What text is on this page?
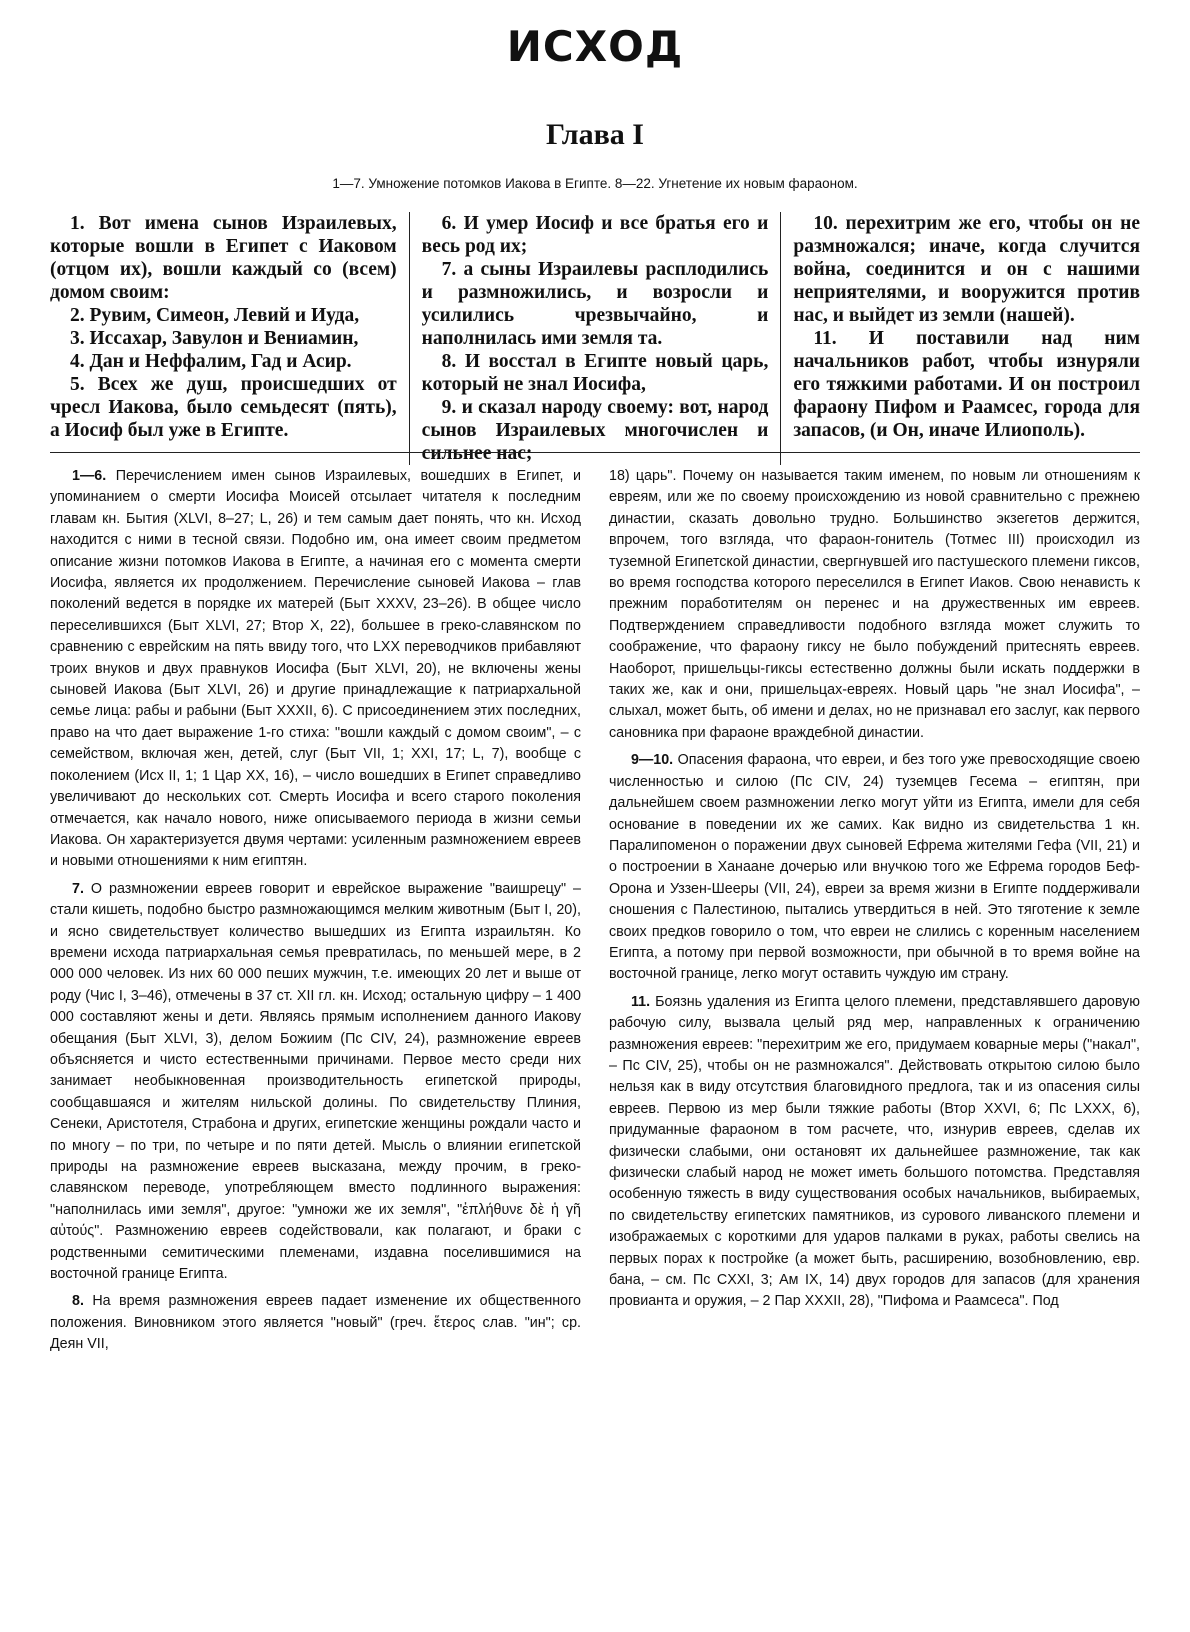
ИСХОД
Глава I

1—7. Умножение потомков Иакова в Египте. 8—22. Угнетение их новым фараоном.

1. Вот имена сынов Израилевых, которые вошли в Египет с Иаковом (отцом их), вошли каждый со (всем) домом своим:

2. Рувим, Симеон, Левий и Иуда,

3. Иссахар, Завулон и Вениамин,

4. Дан и Неффалим, Гад и Асир.

5. Всех же душ, происшедших от чресл Иакова, было семьдесят (пять), а Иосиф был уже в Египте.

6. И умер Иосиф и все братья его и весь род их;

7. а сыны Израилевы расплодились и размножились, и возросли и усилились чрезвычайно, и наполнилась ими земля та.

8. И восстал в Египте новый царь, который не знал Иосифа,

9. и сказал народу своему: вот, народ сынов Израилевых многочислен и сильнее нас;

10. перехитрим же его, чтобы он не размножался; иначе, когда случится война, соединится и он с нашими неприятелями, и вооружится против нас, и выйдет из земли (нашей).

11. И поставили над ним начальников работ, чтобы изнуряли его тяжкими работами. И он построил фараону Пифом и Раамсес, города для запасов, (и Он, иначе Илиополь).

1—6. Перечислением имен сынов Израилевых, вошедших в Египет, и упоминанием о смерти Иосифа Моисей отсылает читателя к последним главам кн. Бытия (XLVI, 8–27; L, 26) и тем самым дает понять, что кн. Исход находится с ними в тесной связи. Подобно им, она имеет своим предметом описание жизни потомков Иакова в Египте, а начиная его с момента смерти Иосифа, является их продолжением. Перечисление сыновей Иакова – глав поколений ведется в порядке их матерей (Быт XXXV, 23–26). В общее число переселившихся (Быт XLVI, 27; Втор X, 22), большее в греко-славянском по сравнению с еврейским на пять ввиду того, что LXX переводчиков прибавляют троих внуков и двух правнуков Иосифа (Быт XLVI, 20), не включены жены сыновей Иакова (Быт XLVI, 26) и другие принадлежащие к патриархальной семье лица: рабы и рабыни (Быт XXXII, 6). С присоединением этих последних, право на что дает выражение 1-го стиха: "вошли каждый с домом своим", – с семейством, включая жен, детей, слуг (Быт VII, 1; XXI, 17; L, 7), вообще с поколением (Исх II, 1; 1 Цар XX, 16), – число вошедших в Египет справедливо увеличивают до нескольких сот. Смерть Иосифа и всего старого поколения отмечается, как начало нового, ниже описываемого периода в жизни семьи Иакова. Он характеризуется двумя чертами: усиленным размножением евреев и новыми отношениями к ним египтян.

7. О размножении евреев говорит и еврейское выражение "ваишрецу" – стали кишеть, подобно быстро размножающимся мелким животным (Быт I, 20), и ясно свидетельствует количество вышедших из Египта израильтян. Ко времени исхода патриархальная семья превратилась, по меньшей мере, в 2 000 000 человек. Из них 60 000 пеших мужчин, т.е. имеющих 20 лет и выше от роду (Чис I, 3–46), отмечены в 37 ст. XII гл. кн. Исход; остальную цифру – 1 400 000 составляют жены и дети. Являясь прямым исполнением данного Иакову обещания (Быт XLVI, 3), делом Божиим (Пс CIV, 24), размножение евреев объясняется и чисто естественными причинами. Первое место среди них занимает необыкновенная производительность египетской природы, сообщавшаяся и жителям нильской долины. По свидетельству Плиния, Сенеки, Аристотеля, Страбона и других, египетские женщины рождали часто и по многу – по три, по четыре и по пяти детей. Мысль о влиянии египетской природы на размножение евреев высказана, между прочим, в греко-славянском переводе, употребляющем вместо подлинного выражения: "наполнилась ими земля", другое: "умножи же их земля", "ἐπλήθυνε δὲ ἡ γῆ αὐτούς". Размножению евреев содействовали, как полагают, и браки с родственными семитическими племенами, издавна поселившимися на восточной границе Египта.

8. На время размножения евреев падает изменение их общественного положения. Виновником этого является "новый" (греч. ἕτερος слав. "ин"; ср. Деян VII,

18) царь". Почему он называется таким именем, по новым ли отношениям к евреям, или же по своему происхождению из новой сравнительно с прежнею династии, сказать довольно трудно. Большинство экзегетов держится, впрочем, того взгляда, что фараон-гонитель (Тотмес III) происходил из туземной Египетской династии, свергнувшей иго пастушеского племени гиксов, во время господства которого переселился в Египет Иаков. Свою ненависть к прежним поработителям он перенес и на дружественных им евреев. Подтверждением справедливости подобного взгляда может служить то соображение, что фараону гиксу не было побуждений притеснять евреев. Наоборот, пришельцы-гиксы естественно должны были искать поддержки в таких же, как и они, пришельцах-евреях. Новый царь "не знал Иосифа", – слыхал, может быть, об имени и делах, но не признавал его заслуг, как первого сановника при фараоне враждебной династии.

9—10. Опасения фараона, что евреи, и без того уже превосходящие своею численностью и силою (Пс CIV, 24) туземцев Гесема – египтян, при дальнейшем своем размножении легко могут уйти из Египта, имели для себя основание в поведении их же самих. Как видно из свидетельства 1 кн. Паралипоменон о поражении двух сыновей Ефрема жителями Гефа (VII, 21) и о построении в Ханаане дочерью или внучкою того же Ефрема городов Беф-Орона и Уззен-Шееры (VII, 24), евреи за время жизни в Египте поддерживали сношения с Палестиною, пытались утвердиться в ней. Это тяготение к земле своих предков говорило о том, что евреи не слились с коренным населением Египта, а потому при первой возможности, при обычной в то время войне на восточной границе, легко могут оставить чуждую им страну.

11. Боязнь удаления из Египта целого племени, представлявшего даровую рабочую силу, вызвала целый ряд мер, направленных к ограничению размножения евреев: "перехитрим же его, придумаем коварные меры ("накал", – Пс CIV, 25), чтобы он не размножался". Действовать открытою силою было нельзя как в виду отсутствия благовидного предлога, так и из опасения силы евреев. Первою из мер были тяжкие работы (Втор XXVI, 6; Пс LXXX, 6), придуманные фараоном в том расчете, что, изнурив евреев, сделав их физически слабыми, они остановят их дальнейшее размножение, так как физически слабый народ не может иметь большого потомства. Представляя особенную тяжесть в виду существования особых начальников, выбираемых, по свидетельству египетских памятников, из сурового ливанского племени и изображаемых с короткими для ударов палками в руках, работы свелись на первых порах к постройке (а может быть, расширению, возобновлению, евр. бана, – см. Пс CXXI, 3; Ам IX, 14) двух городов для запасов (для хранения провианта и оружия, – 2 Пар XXXII, 28), "Пифома и Раамсеса". Под
